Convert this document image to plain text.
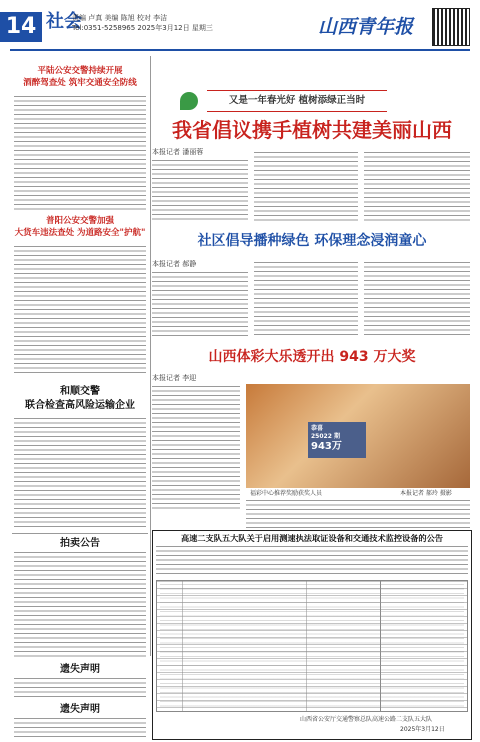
14 社会
责编 卢真 美编 陈旭 校对 李洁
Tel:0351-5258965 2025年3月12日 星期三	山西青年报
平陆公安交警持续开展
酒醉驾查处 筑牢交通安全防线
普阳公安交警加强
大货车违法查处 为道路安全"护航"
和顺交警
联合检查高风险运输企业
拍卖公告
又是一年春光好 植树添绿正当时
我省倡议携手植树共建美丽山西
本报记者 潘丽蓉
社区倡导播种绿色 环保理念浸润童心
本报记者 郝静
山西体彩大乐透开出 943 万大奖
本报记者 李迎
恭喜
25022 期
943万
福彩中心推荐奖励获奖人员	本报记者 郝玲 摄影
遗失声明
遗失声明
高速二支队五大队关于启用测速执法取证设备和交通技术监控设备的公告
山西省公安厅交通警察总队高速公路二支队五大队
2025年3月12日
